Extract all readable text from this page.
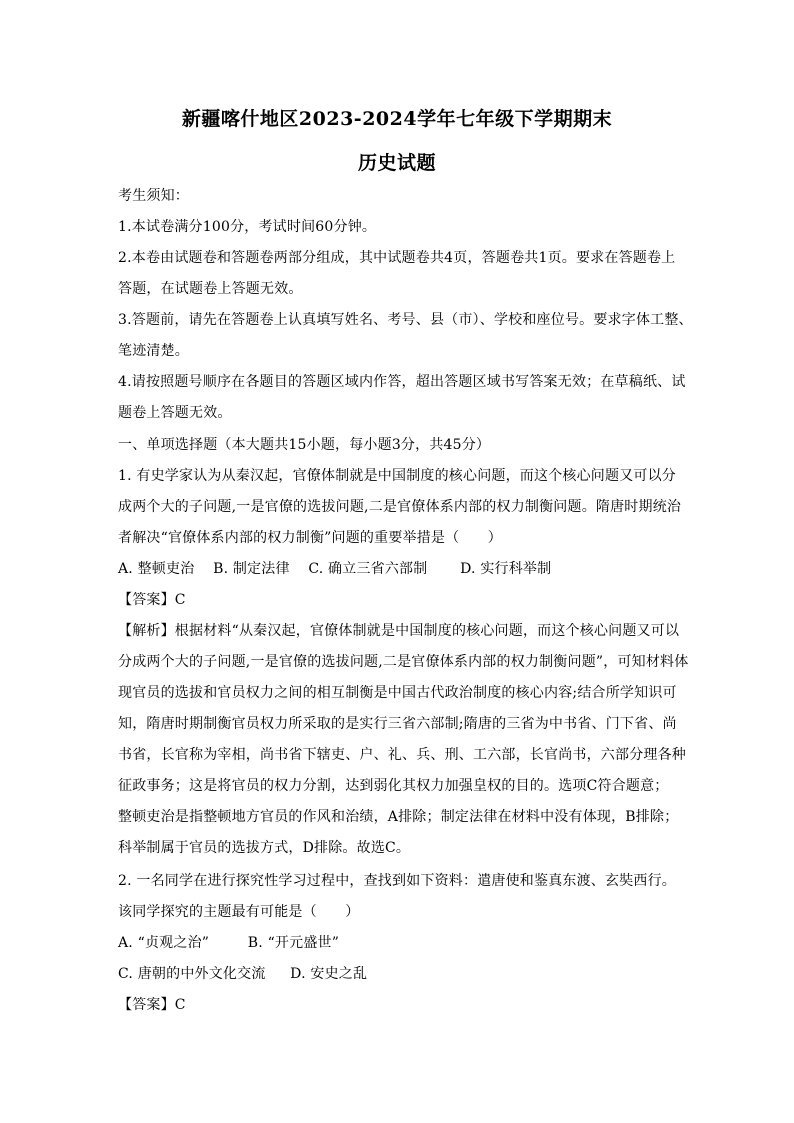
新疆喀什地区2023-2024学年七年级下学期期末
历史试题
考生须知：
1.本试卷满分100分，考试时间60分钟。
2.本卷由试题卷和答题卷两部分组成，其中试题卷共4页，答题卷共1页。要求在答题卷上
答题，在试题卷上答题无效。
3.答题前，请先在答题卷上认真填写姓名、考号、县（市）、学校和座位号。要求字体工整、
笔迹清楚。
4.请按照题号顺序在各题目的答题区域内作答，超出答题区域书写答案无效；在草稿纸、试
题卷上答题无效。
一、单项选择题（本大题共15小题，每小题3分，共45分）
1. 有史学家认为从秦汉起，官僚体制就是中国制度的核心问题，而这个核心问题又可以分
成两个大的子问题,一是官僚的选拔问题,二是官僚体系内部的权力制衡问题。隋唐时期统治
者解决“官僚体系内部的权力制衡”问题的重要举措是（　　）
A. 整顿吏治 B. 制定法律 C. 确立三省六部制 D. 实行科举制
【答案】C
【解析】根据材料“从秦汉起，官僚体制就是中国制度的核心问题，而这个核心问题又可以
分成两个大的子问题,一是官僚的选拔问题,二是官僚体系内部的权力制衡问题”，可知材料体
现官员的选拔和官员权力之间的相互制衡是中国古代政治制度的核心内容;结合所学知识可
知，隋唐时期制衡官员权力所采取的是实行三省六部制;隋唐的三省为中书省、门下省、尚
书省，长官称为宰相，尚书省下辖吏、户、礼、兵、刑、工六部，长官尚书，六部分理各种
征政事务；这是将官员的权力分割，达到弱化其权力加强皇权的目的。选项C符合题意；
整顿吏治是指整顿地方官员的作风和治绩，A排除；制定法律在材料中没有体现，B排除；
科举制属于官员的选拔方式，D排除。故选C。
2. 一名同学在进行探究性学习过程中，查找到如下资料：遣唐使和鉴真东渡、玄奘西行。
该同学探究的主题最有可能是（　　）
A. “贞观之治”	B. “开元盛世”
C. 唐朝的中外文化交流 D. 安史之乱
【答案】C
